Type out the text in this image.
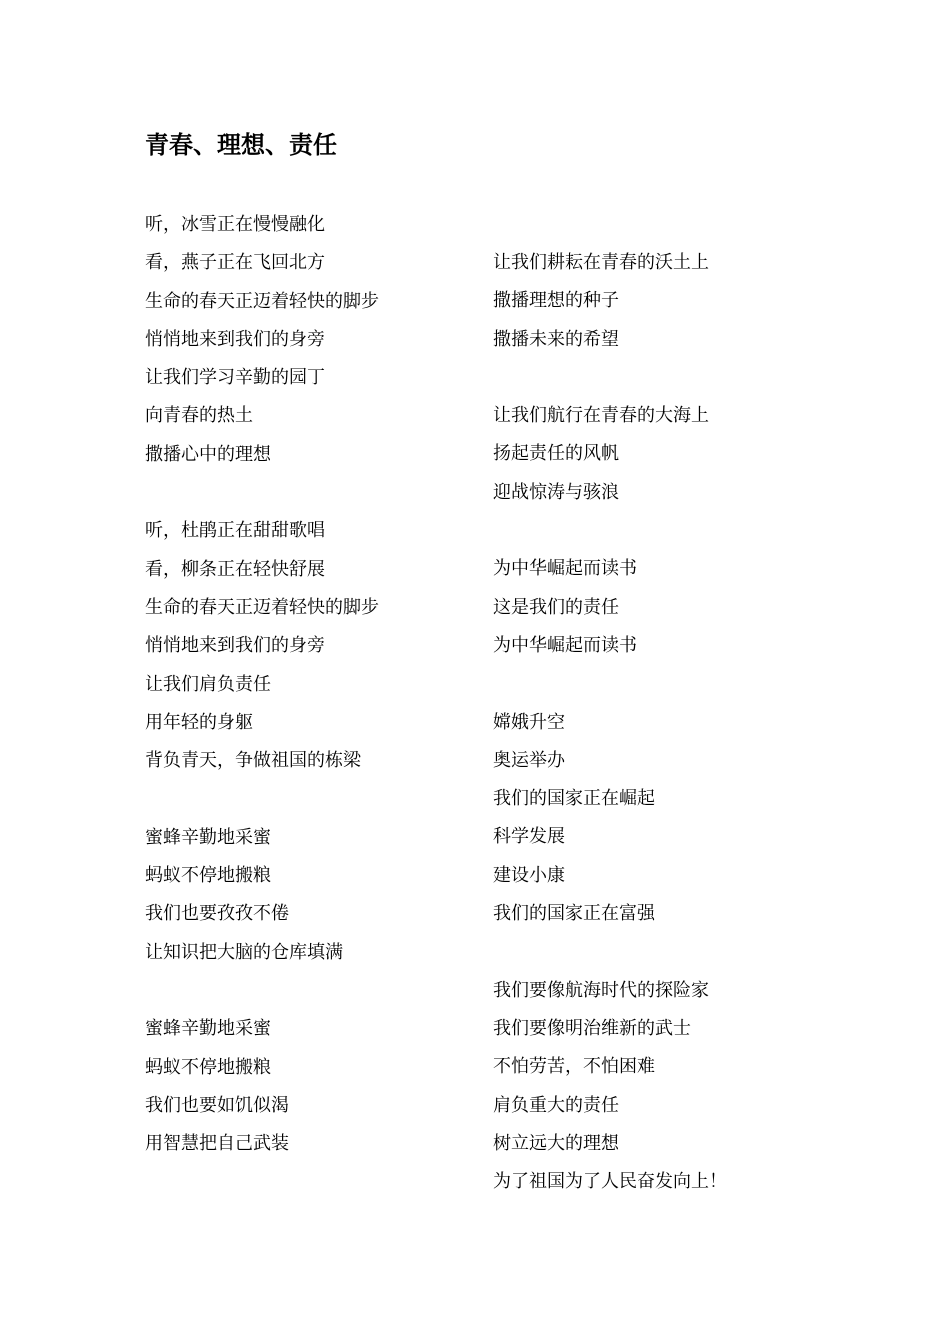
青春、理想、责任
听，冰雪正在慢慢融化
看，燕子正在飞回北方
生命的春天正迈着轻快的脚步
悄悄地来到我们的身旁
让我们学习辛勤的园丁
向青春的热土
撒播心中的理想
听，杜鹃正在甜甜歌唱
看，柳条正在轻快舒展
生命的春天正迈着轻快的脚步
悄悄地来到我们的身旁
让我们肩负责任
用年轻的身躯
背负青天，争做祖国的栋梁
蜜蜂辛勤地采蜜
蚂蚁不停地搬粮
我们也要孜孜不倦
让知识把大脑的仓库填满
蜜蜂辛勤地采蜜
蚂蚁不停地搬粮
我们也要如饥似渴
用智慧把自己武装
让我们耕耘在青春的沃土上
撒播理想的种子
撒播未来的希望
让我们航行在青春的大海上
扬起责任的风帆
迎战惊涛与骇浪
为中华崛起而读书
这是我们的责任
为中华崛起而读书
嫦娥升空
奥运举办
我们的国家正在崛起
科学发展
建设小康
我们的国家正在富强
我们要像航海时代的探险家
我们要像明治维新的武士
不怕劳苦，不怕困难
肩负重大的责任
树立远大的理想
为了祖国为了人民奋发向上！
